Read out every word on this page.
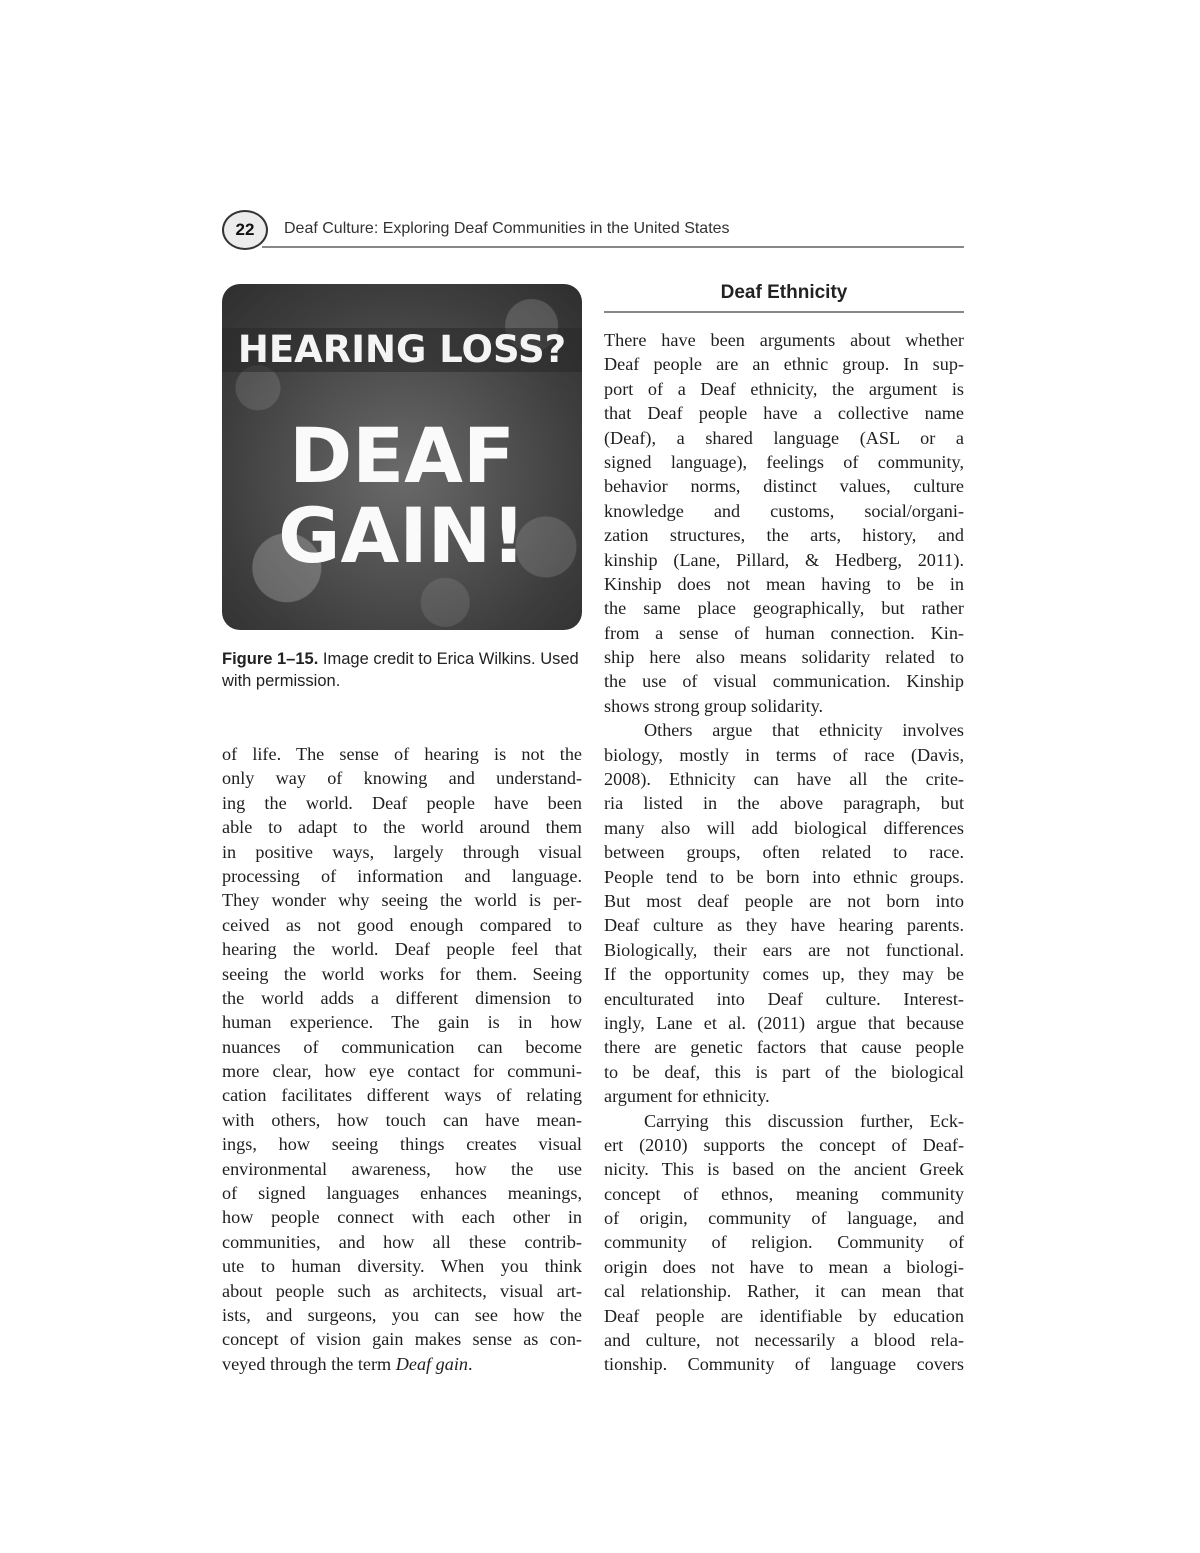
22	Deaf Culture: Exploring Deaf Communities in the United States
HEARING LOSS?
DEAF
GAIN!
Figure 1–15. Image credit to Erica Wilkins. Used with permission.
Deaf Ethnicity
of life. The sense of hearing is not the
only way of knowing and understand-
ing the world. Deaf people have been
able to adapt to the world around them
in positive ways, largely through visual
processing of information and language.
They wonder why seeing the world is per-
ceived as not good enough compared to
hearing the world. Deaf people feel that
seeing the world works for them. Seeing
the world adds a different dimension to
human experience. The gain is in how
nuances of communication can become
more clear, how eye contact for communi-
cation facilitates different ways of relating
with others, how touch can have mean-
ings, how seeing things creates visual
environmental awareness, how the use
of signed languages enhances meanings,
how people connect with each other in
communities, and how all these contrib-
ute to human diversity. When you think
about people such as architects, visual art-
ists, and surgeons, you can see how the
concept of vision gain makes sense as con-
veyed through the term Deaf gain.
There have been arguments about whether
Deaf people are an ethnic group. In sup-
port of a Deaf ethnicity, the argument is
that Deaf people have a collective name
(Deaf), a shared language (ASL or a
signed language), feelings of community,
behavior norms, distinct values, culture
knowledge and customs, social/organi-
zation structures, the arts, history, and
kinship (Lane, Pillard, & Hedberg, 2011).
Kinship does not mean having to be in
the same place geographically, but rather
from a sense of human connection. Kin-
ship here also means solidarity related to
the use of visual communication. Kinship
shows strong group solidarity.
Others argue that ethnicity involves
biology, mostly in terms of race (Davis,
2008). Ethnicity can have all the crite-
ria listed in the above paragraph, but
many also will add biological differences
between groups, often related to race.
People tend to be born into ethnic groups.
But most deaf people are not born into
Deaf culture as they have hearing parents.
Biologically, their ears are not functional.
If the opportunity comes up, they may be
enculturated into Deaf culture. Interest-
ingly, Lane et al. (2011) argue that because
there are genetic factors that cause people
to be deaf, this is part of the biological
argument for ethnicity.
Carrying this discussion further, Eck-
ert (2010) supports the concept of Deaf-
nicity. This is based on the ancient Greek
concept of ethnos, meaning community
of origin, community of language, and
community of religion. Community of
origin does not have to mean a biologi-
cal relationship. Rather, it can mean that
Deaf people are identifiable by education
and culture, not necessarily a blood rela-
tionship. Community of language covers
